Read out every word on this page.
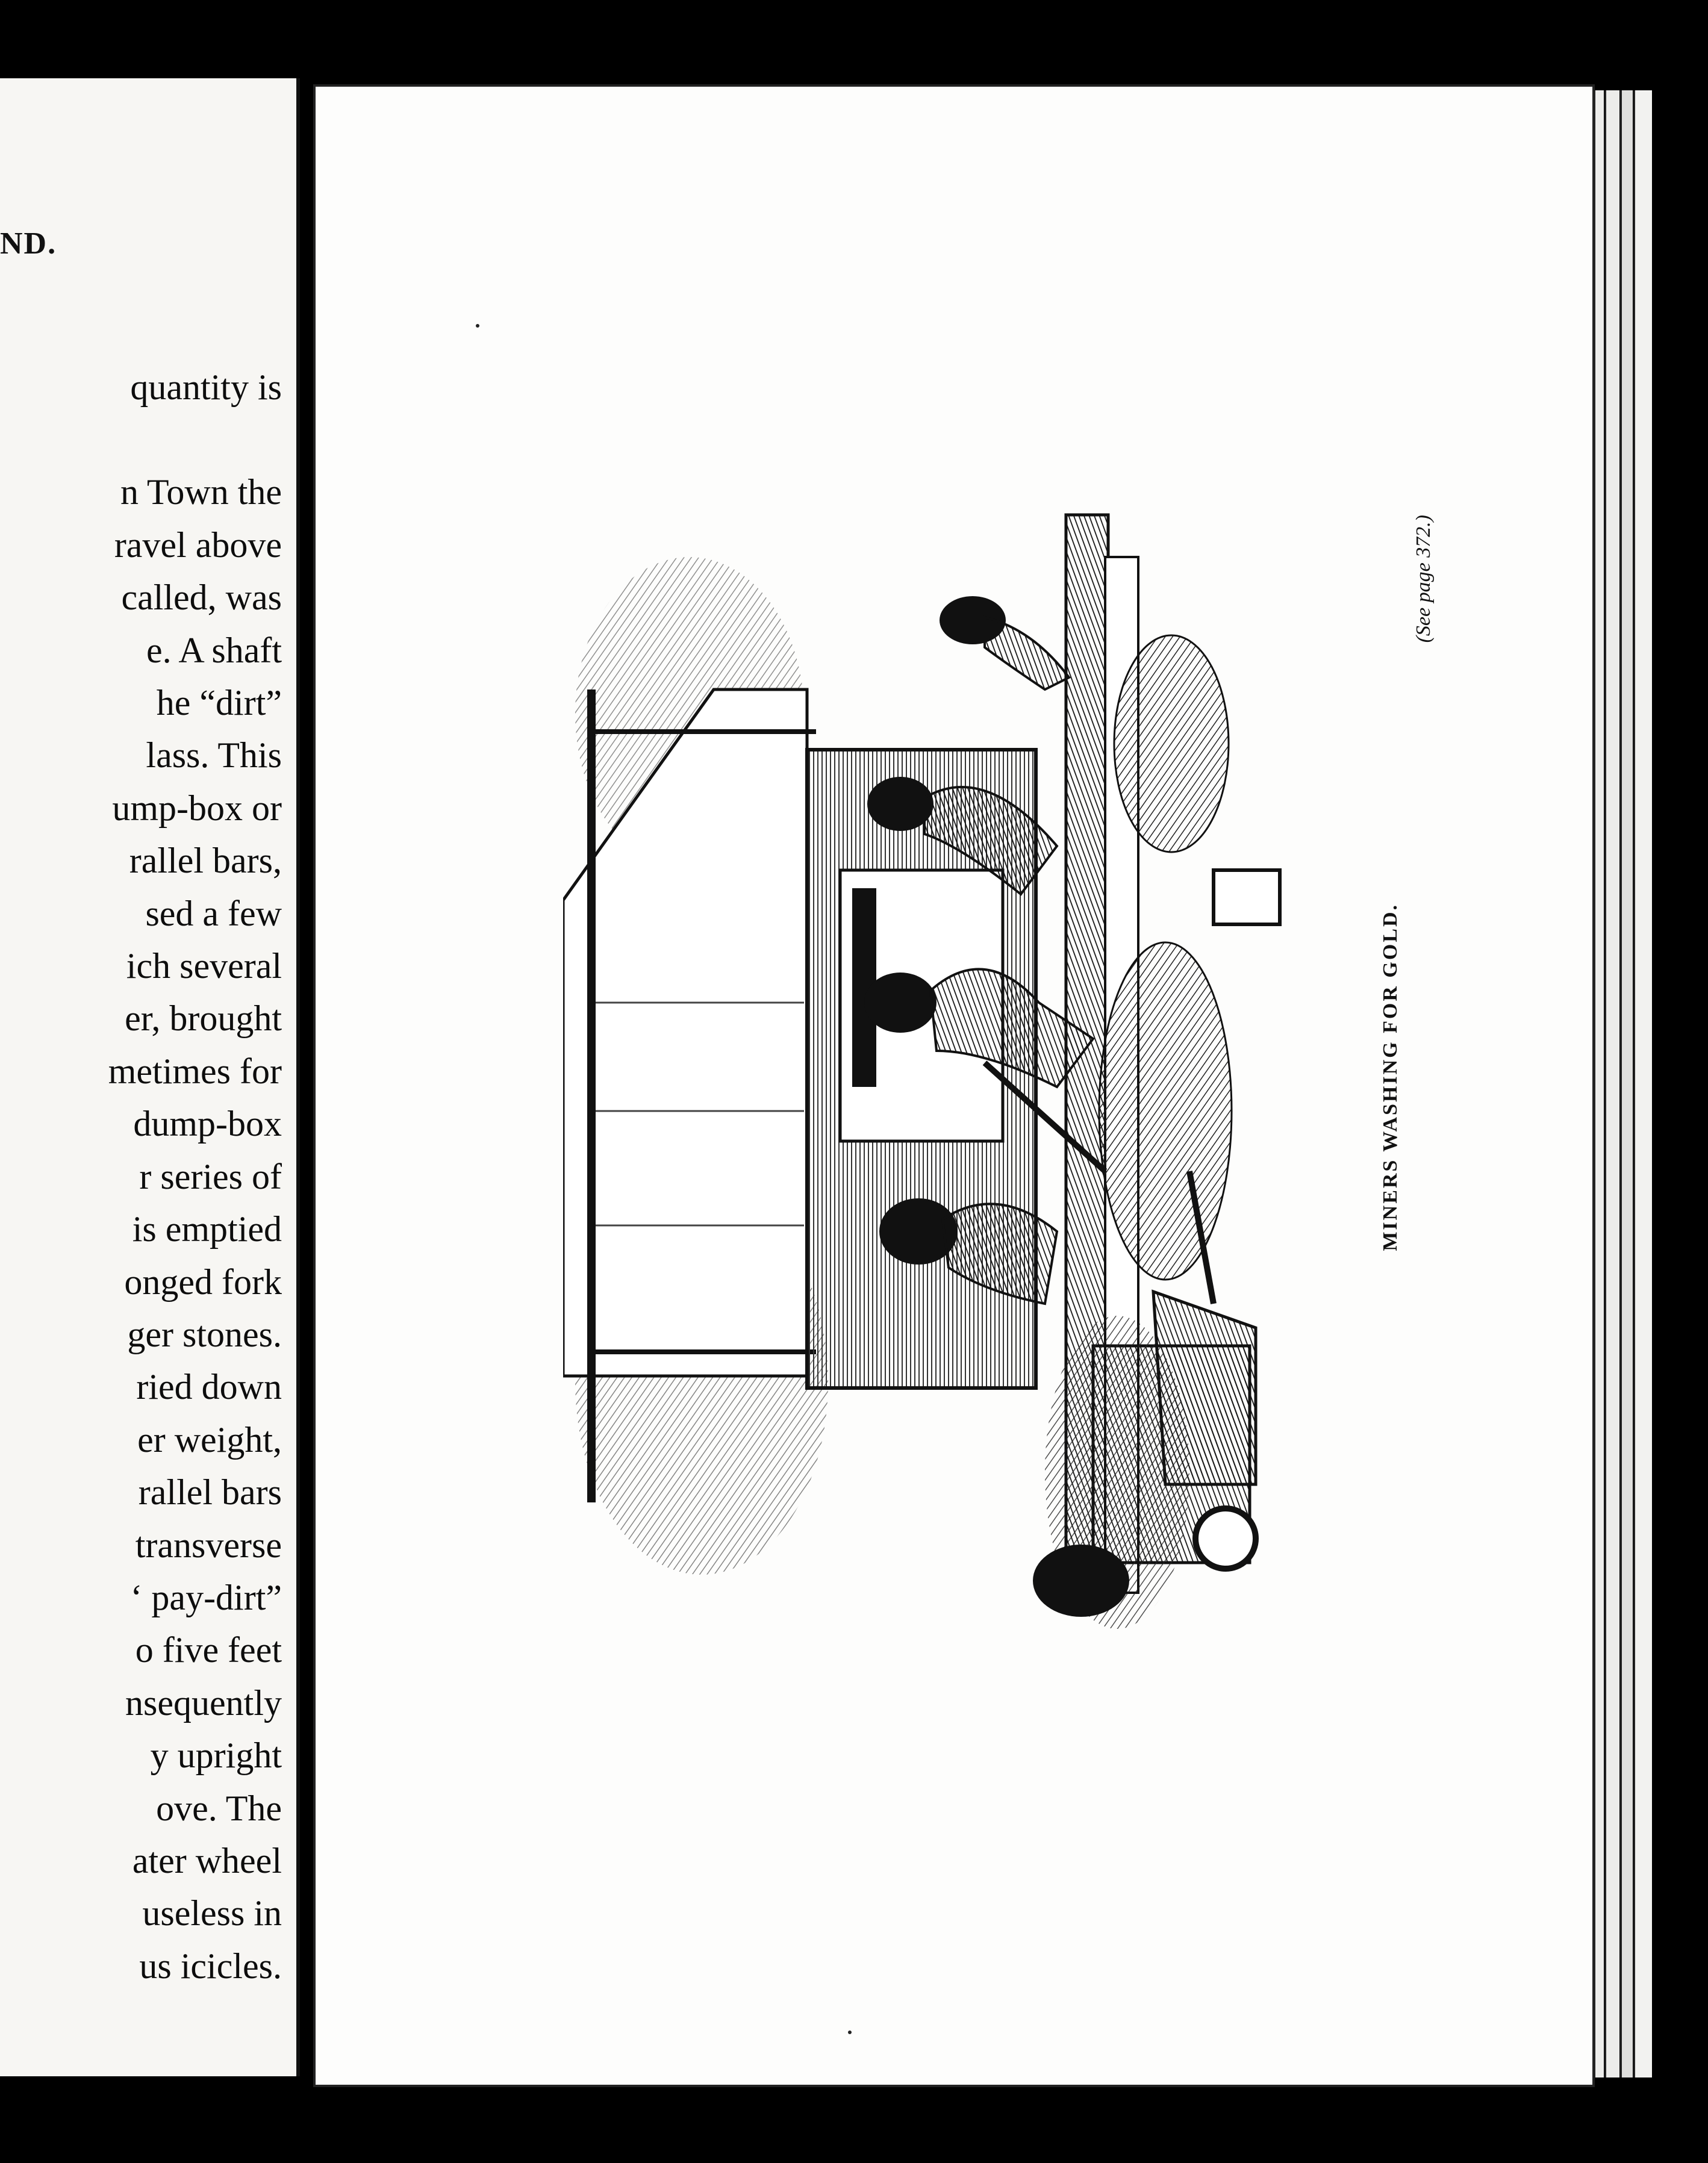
ND.
quantity is
n Town the
ravel above
called, was
e. A shaft
he “dirt”
lass. This
ump-box or
rallel bars,
sed a few
ich several
er, brought
metimes for
dump-box
r series of
is emptied
onged fork
ger stones.
ried down
er weight,
rallel bars
transverse
‘ pay-dirt”
o five feet
nsequently
y upright
ove. The
ater wheel
useless in
us icicles.
MINERS WASHING FOR GOLD.
(See page 372.)
